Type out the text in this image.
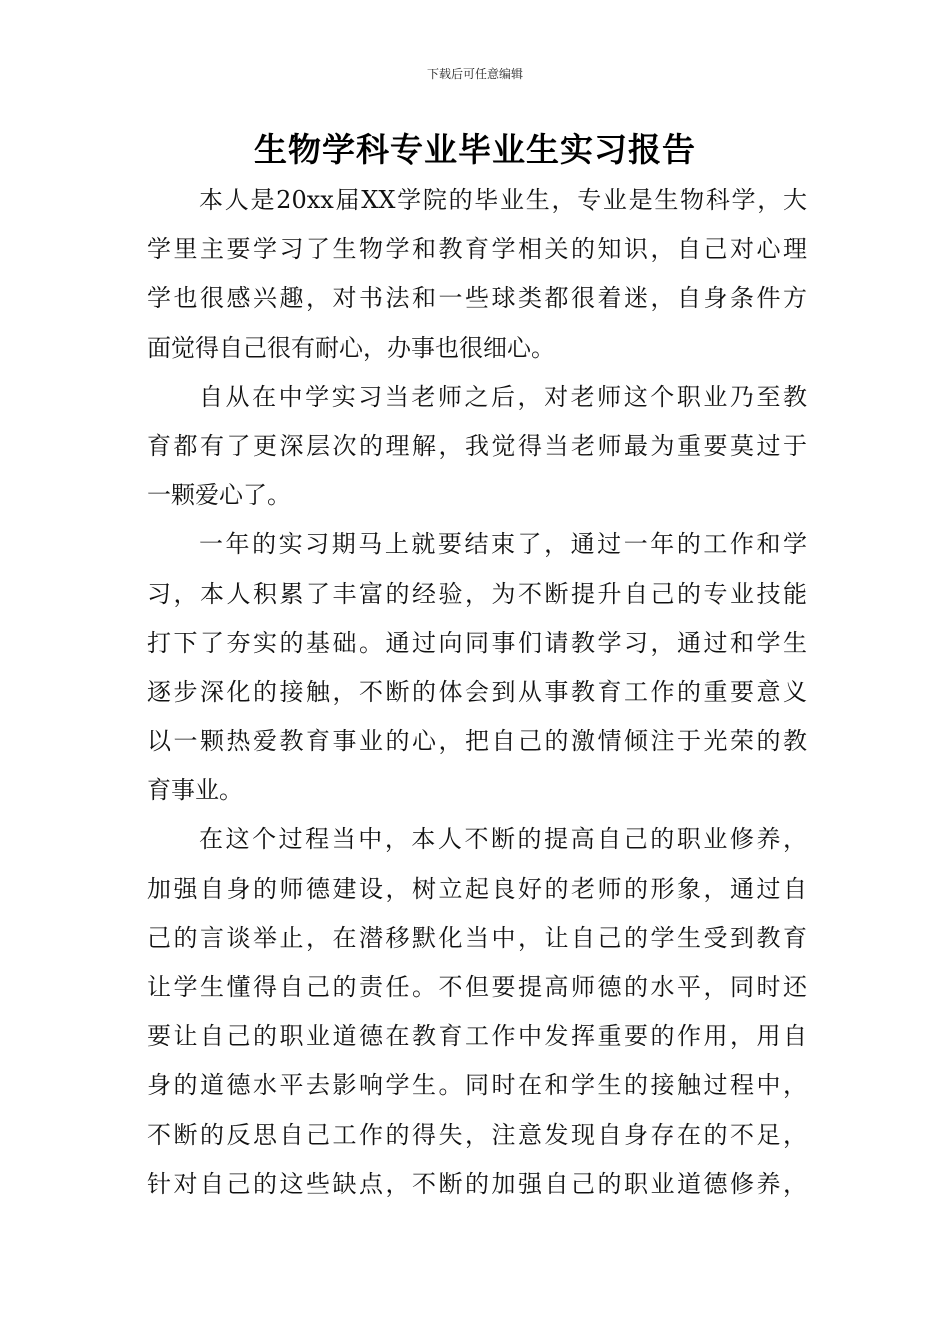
下载后可任意编辑
生物学科专业毕业生实习报告
本人是20xx届XX学院的毕业生，专业是生物科学，大
学里主要学习了生物学和教育学相关的知识，自己对心理
学也很感兴趣，对书法和一些球类都很着迷，自身条件方
面觉得自己很有耐心，办事也很细心。
自从在中学实习当老师之后，对老师这个职业乃至教
育都有了更深层次的理解，我觉得当老师最为重要莫过于
一颗爱心了。
一年的实习期马上就要结束了，通过一年的工作和学
习，本人积累了丰富的经验，为不断提升自己的专业技能
打下了夯实的基础。通过向同事们请教学习，通过和学生
逐步深化的接触，不断的体会到从事教育工作的重要意义
以一颗热爱教育事业的心，把自己的激情倾注于光荣的教
育事业。
在这个过程当中，本人不断的提高自己的职业修养，
加强自身的师德建设，树立起良好的老师的形象，通过自
己的言谈举止，在潜移默化当中，让自己的学生受到教育
让学生懂得自己的责任。不但要提高师德的水平，同时还
要让自己的职业道德在教育工作中发挥重要的作用，用自
身的道德水平去影响学生。同时在和学生的接触过程中，
不断的反思自己工作的得失，注意发现自身存在的不足，
针对自己的这些缺点，不断的加强自己的职业道德修养，
